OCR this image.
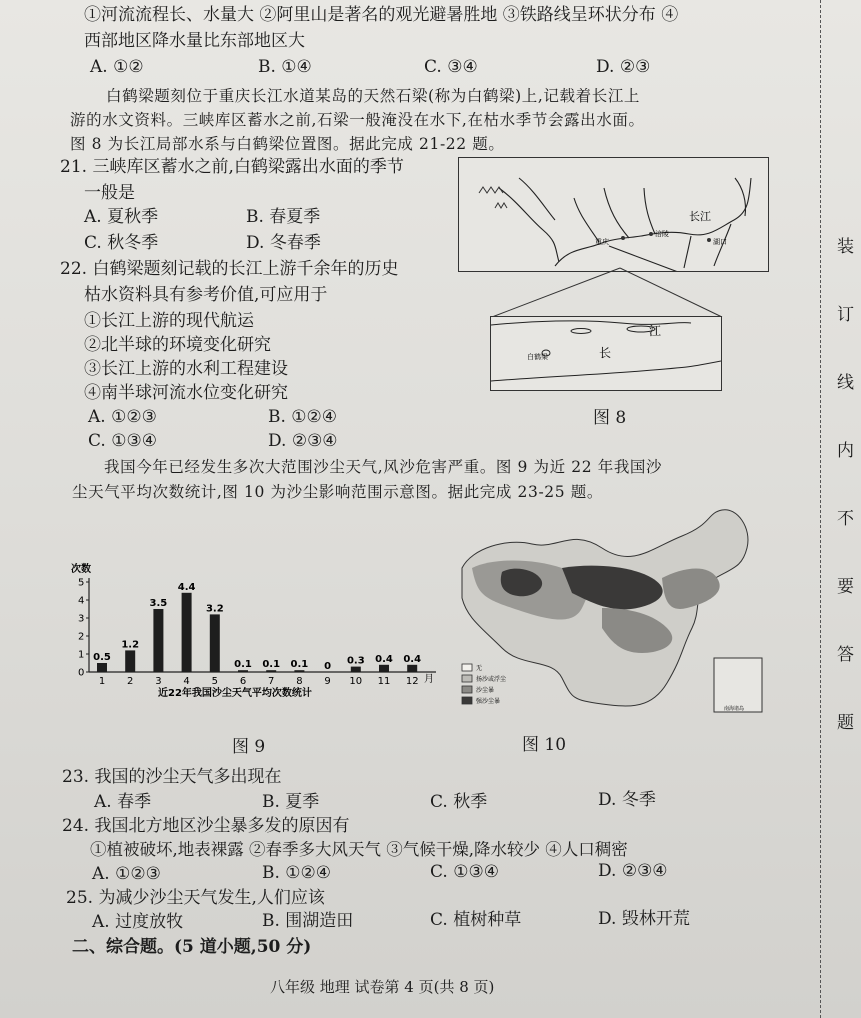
①河流流程长、水量大 ②阿里山是著名的观光避暑胜地 ③铁路线呈环状分布 ④
西部地区降水量比东部地区大
A. ①②	B. ①④	C. ③④	D. ②③
白鹤梁题刻位于重庆长江水道某岛的天然石梁(称为白鹤梁)上,记载着长江上
游的水文资料。三峡库区蓄水之前,石梁一般淹没在水下,在枯水季节会露出水面。
图 8 为长江局部水系与白鹤梁位置图。据此完成 21-22 题。
21. 三峡库区蓄水之前,白鹤梁露出水面的季节
一般是
A. 夏秋季	B. 春夏季
C. 秋冬季	D. 冬春季
22. 白鹤梁题刻记载的长江上游千余年的历史
枯水资料具有参考价值,可应用于
①长江上游的现代航运
②北半球的环境变化研究
③长江上游的水利工程建设
④南半球河流水位变化研究
A. ①②③	B. ①②④
C. ①③④	D. ②③④
长江
重庆
涪陵
湖口
江
长
白鹤梁
图 8
我国今年已经发生多次大范围沙尘天气,风沙危害严重。图 9 为近 22 年我国沙
尘天气平均次数统计,图 10 为沙尘影响范围示意图。据此完成 23-25 题。
次数
0
1
2
3
4
5
0.5
1
1.2
2
3.5
3
4.4
4
3.2
5
0.1
6
0.1
7
0.1
8
0
9
0.3
10
0.4
11
0.4
12 月
近22年我国沙尘天气平均次数统计
图 9
南海诸岛
无
扬沙或浮尘
沙尘暴
强沙尘暴
图 10
23. 我国的沙尘天气多出现在
A. 春季	B. 夏季	C. 秋季	D. 冬季
24. 我国北方地区沙尘暴多发的原因有
①植被破坏,地表裸露 ②春季多大风天气 ③气候干燥,降水较少 ④人口稠密
A. ①②③	B. ①②④	C. ①③④	D. ②③④
25. 为减少沙尘天气发生,人们应该
A. 过度放牧	B. 围湖造田	C. 植树种草	D. 毁林开荒
二、综合题。(5 道小题,50 分)
八年级 地理 试卷第 4 页(共 8 页)
装
订
线
内
不
要
答
题
